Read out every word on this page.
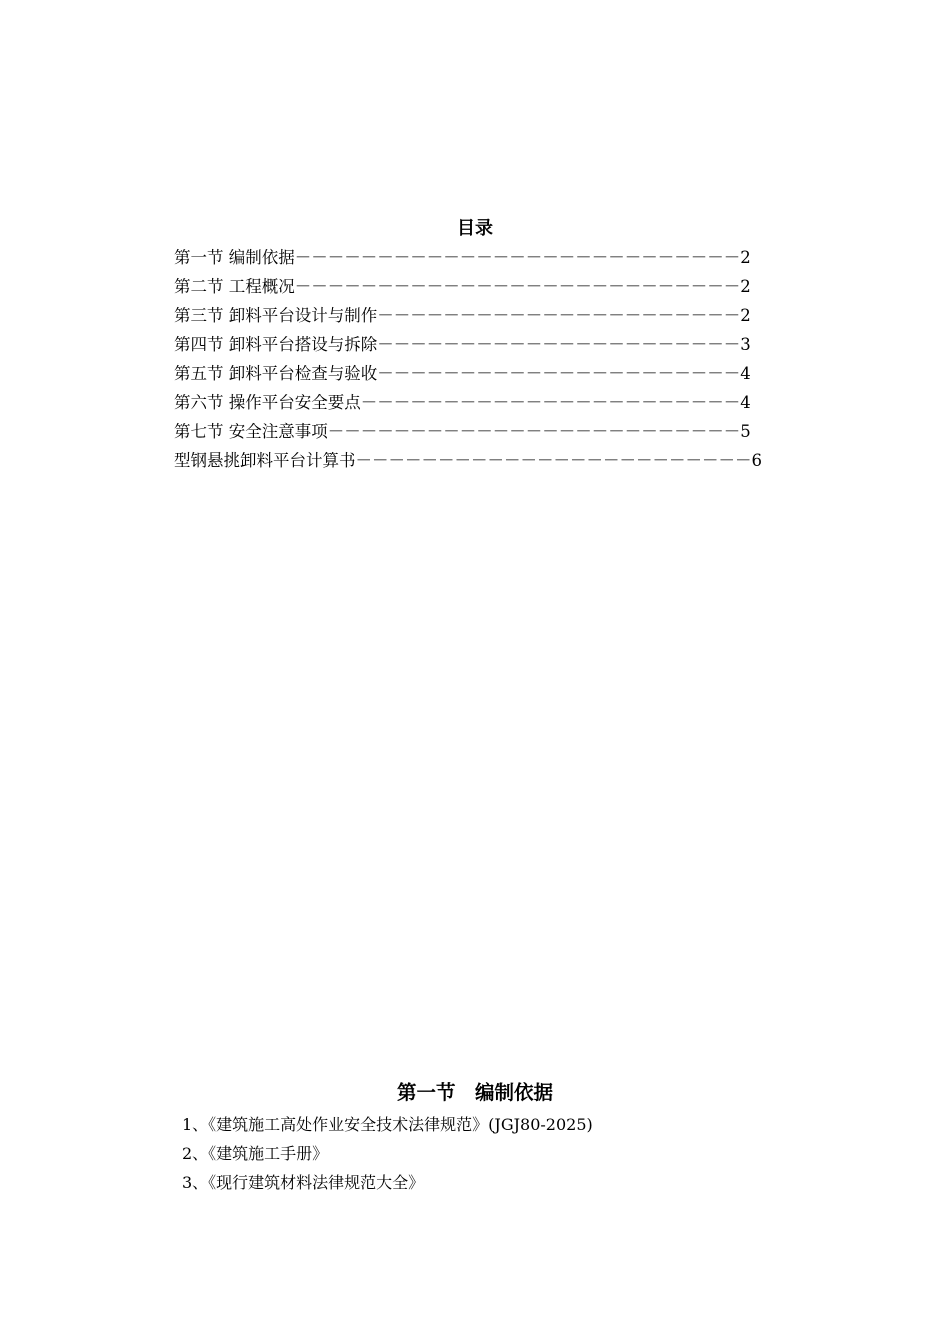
目录
第一节 编制依据－－－－－－－－－－－－－－－－－－－－－－－－－－－2
第二节 工程概况－－－－－－－－－－－－－－－－－－－－－－－－－－－2
第三节 卸料平台设计与制作－－－－－－－－－－－－－－－－－－－－－－2
第四节 卸料平台搭设与拆除－－－－－－－－－－－－－－－－－－－－－－3
第五节 卸料平台检查与验收－－－－－－－－－－－－－－－－－－－－－－4
第六节 操作平台安全要点－－－－－－－－－－－－－－－－－－－－－－－4
第七节 安全注意事项－－－－－－－－－－－－－－－－－－－－－－－－－5
型钢悬挑卸料平台计算书－－－－－－－－－－－－－－－－－－－－－－－－6
第一节　编制依据
1、《建筑施工高处作业安全技术法律规范》(JGJ80-2025)
2、《建筑施工手册》
3、《现行建筑材料法律规范大全》
